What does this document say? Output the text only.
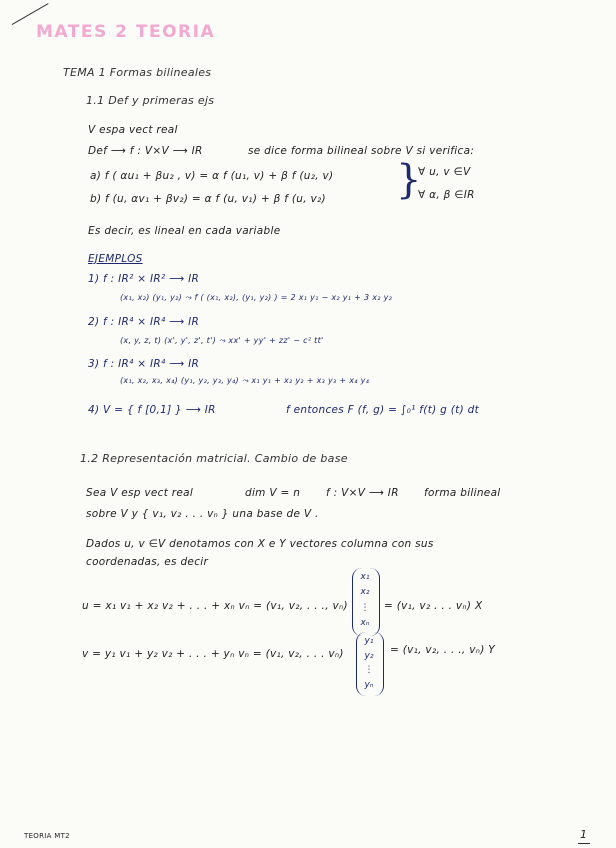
MATES 2 TEORIA
TEMA 1 Formas bilineales
1.1 Def y primeras ejs
V espa vect real
Def ⟶ f : V×V ⟶ IR	se dice forma bilineal sobre V si verifica:
a) f ( αu₁ + βu₂ , v) = α f (u₁, v) + β f (u₂, v)
b) f (u, αv₁ + βv₂) = α f (u, v₁) + β f (u, v₂) }
∀ u, v ∈V
∀ α, β ∈IR
Es decir, es lineal en cada variable
EJEMPLOS
1) f : IR² × IR² ⟶ IR
(x₁, x₂) (y₁, y₂) ⤳ f ( (x₁, x₂), (y₁, y₂) ) = 2 x₁ y₁ − x₂ y₁ + 3 x₂ y₂
2) f : IR⁴ × IR⁴ ⟶ IR
(x, y, z, t) (x', y', z', t') ⤳ xx' + yy' + zz' − c² tt'
3) f : IR⁴ × IR⁴ ⟶ IR
(x₁, x₂, x₃, x₄) (y₁, y₂, y₃, y₄) ⤳ x₁ y₁ + x₂ y₂ + x₃ y₃ + x₄ y₄
4) V = { f [0,1] } ⟶ IR	f entonces F (f, g) = ∫₀¹ f(t) g (t) dt
1.2 Representación matricial. Cambio de base
Sea V esp vect real	dim V = n f : V×V ⟶ IR forma bilineal
sobre V y { v₁, v₂ . . . vₙ } una base de V .
Dados u, v ∈V denotamos con X e Y vectores columna con sus
coordenadas, es decir
u = x₁ v₁ + x₂ v₂ + . . . + xₙ vₙ = (v₁, v₂, . . ., vₙ)
x₁
x₂
⋮
xₙ
= (v₁, v₂ . . . vₙ) X
v = y₁ v₁ + y₂ v₂ + . . . + yₙ vₙ = (v₁, v₂, . . . vₙ)
y₁
y₂
⋮
yₙ
= (v₁, v₂, . . ., vₙ) Y
TEORIA MT2	1
